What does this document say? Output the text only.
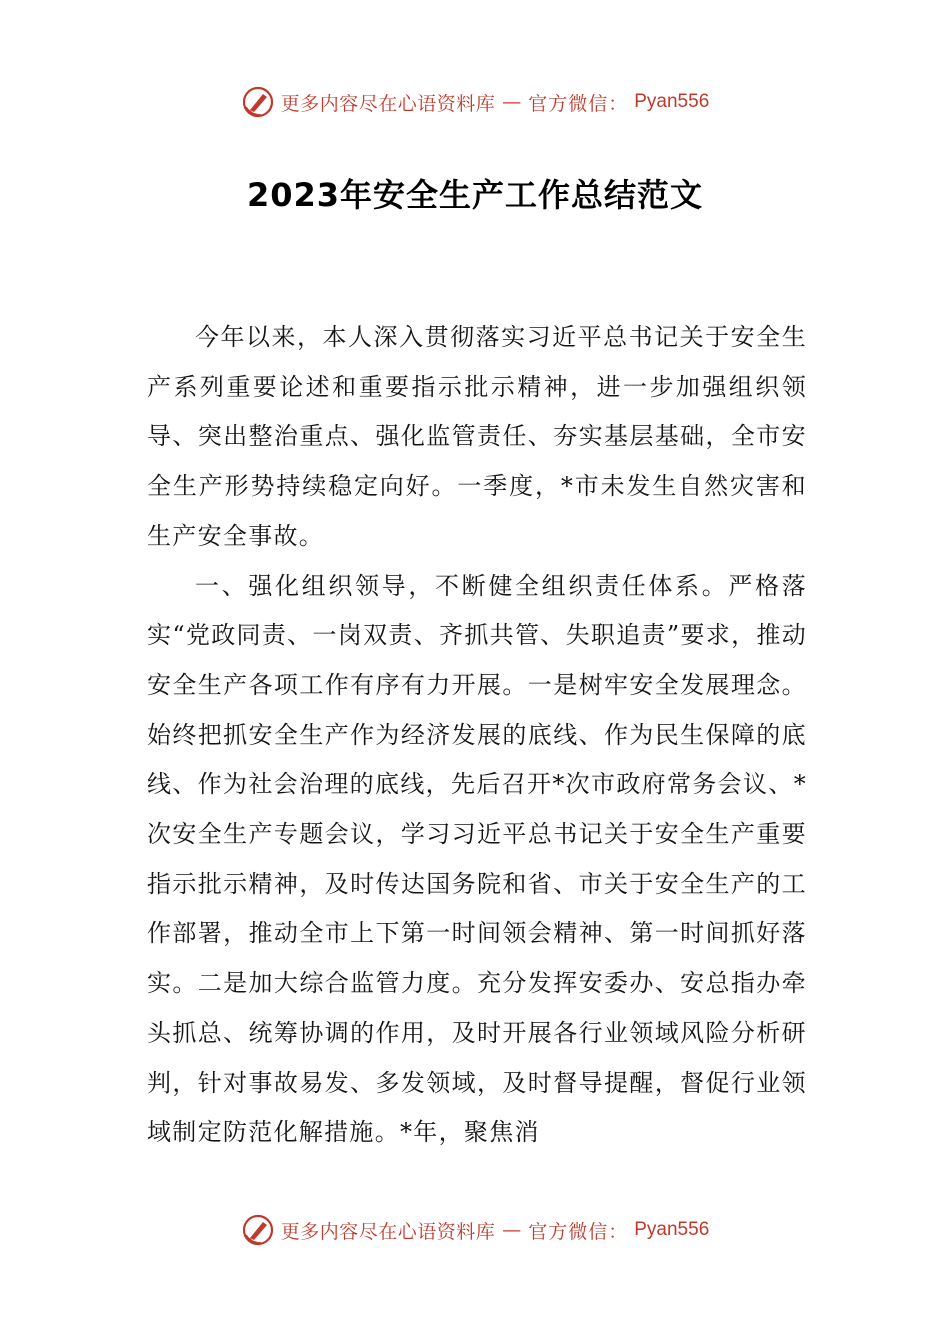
更多内容尽在心语资料库 — 官方微信： Pyan556
2023年安全生产工作总结范文

今年以来，本人深入贯彻落实习近平总书记关于安全生产系列重要论述和重要指示批示精神，进一步加强组织领导、突出整治重点、强化监管责任、夯实基层基础，全市安全生产形势持续稳定向好。一季度，*市未发生自然灾害和生产安全事故。

一、强化组织领导，不断健全组织责任体系。严格落实“党政同责、一岗双责、齐抓共管、失职追责”要求，推动安全生产各项工作有序有力开展。一是树牢安全发展理念。始终把抓安全生产作为经济发展的底线、作为民生保障的底线、作为社会治理的底线，先后召开*次市政府常务会议、*次安全生产专题会议，学习习近平总书记关于安全生产重要指示批示精神，及时传达国务院和省、市关于安全生产的工作部署，推动全市上下第一时间领会精神、第一时间抓好落实。二是加大综合监管力度。充分发挥安委办、安总指办牵头抓总、统筹协调的作用，及时开展各行业领域风险分析研判，针对事故易发、多发领域，及时督导提醒，督促行业领域制定防范化解措施。*年，聚焦消

更多内容尽在心语资料库 — 官方微信： Pyan556
